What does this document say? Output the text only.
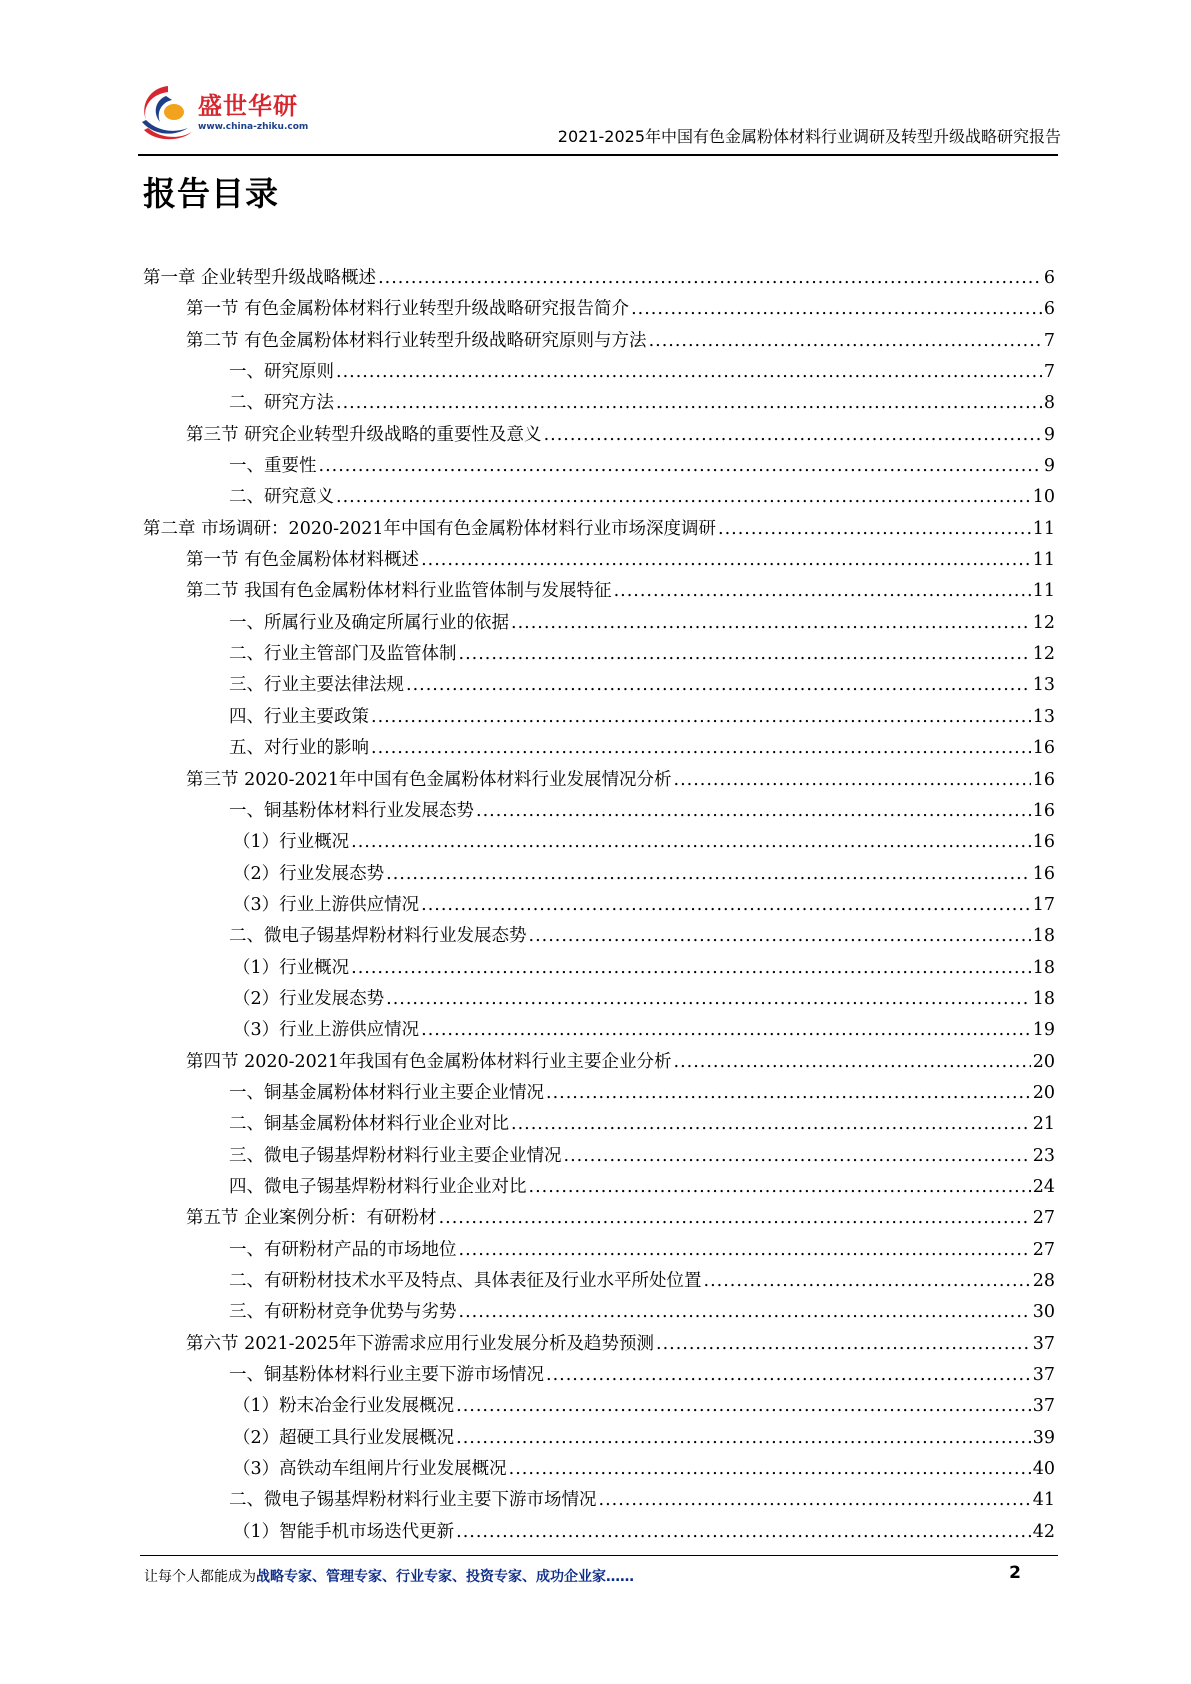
盛世华研
www.china-zhiku.com	2021-2025年中国有色金属粉体材料行业调研及转型升级战略研究报告
报告目录
第一章 企业转型升级战略概述 .....	6
第一节 有色金属粉体材料行业转型升级战略研究报告简介 .....	6
第二节 有色金属粉体材料行业转型升级战略研究原则与方法 .....	7
一、研究原则 .....	7
二、研究方法 .....	8
第三节 研究企业转型升级战略的重要性及意义 .....	9
一、重要性 .....	9
二、研究意义 .....	10
第二章 市场调研：2020-2021年中国有色金属粉体材料行业市场深度调研 .....	11
第一节 有色金属粉体材料概述 .....	11
第二节 我国有色金属粉体材料行业监管体制与发展特征 .....	11
一、所属行业及确定所属行业的依据 .....	12
二、行业主管部门及监管体制 .....	12
三、行业主要法律法规 .....	13
四、行业主要政策 .....	13
五、对行业的影响 .....	16
第三节 2020-2021年中国有色金属粉体材料行业发展情况分析 .....	16
一、铜基粉体材料行业发展态势 .....	16
（1）行业概况 .....	16
（2）行业发展态势 .....	16
（3）行业上游供应情况 .....	17
二、微电子锡基焊粉材料行业发展态势 .....	18
（1）行业概况 .....	18
（2）行业发展态势 .....	18
（3）行业上游供应情况 .....	19
第四节 2020-2021年我国有色金属粉体材料行业主要企业分析 .....	20
一、铜基金属粉体材料行业主要企业情况 .....	20
二、铜基金属粉体材料行业企业对比 .....	21
三、微电子锡基焊粉材料行业主要企业情况 .....	23
四、微电子锡基焊粉材料行业企业对比 .....	24
第五节 企业案例分析：有研粉材 .....	27
一、有研粉材产品的市场地位 .....	27
二、有研粉材技术水平及特点、具体表征及行业水平所处位置 .....	28
三、有研粉材竞争优势与劣势 .....	30
第六节 2021-2025年下游需求应用行业发展分析及趋势预测 .....	37
一、铜基粉体材料行业主要下游市场情况 .....	37
（1）粉末冶金行业发展概况 .....	37
（2）超硬工具行业发展概况 .....	39
（3）高铁动车组闸片行业发展概况 .....	40
二、微电子锡基焊粉材料行业主要下游市场情况 .....	41
（1）智能手机市场迭代更新 .....	42
让每个人都能成为战略专家、管理专家、行业专家、投资专家、成功企业家……	2
